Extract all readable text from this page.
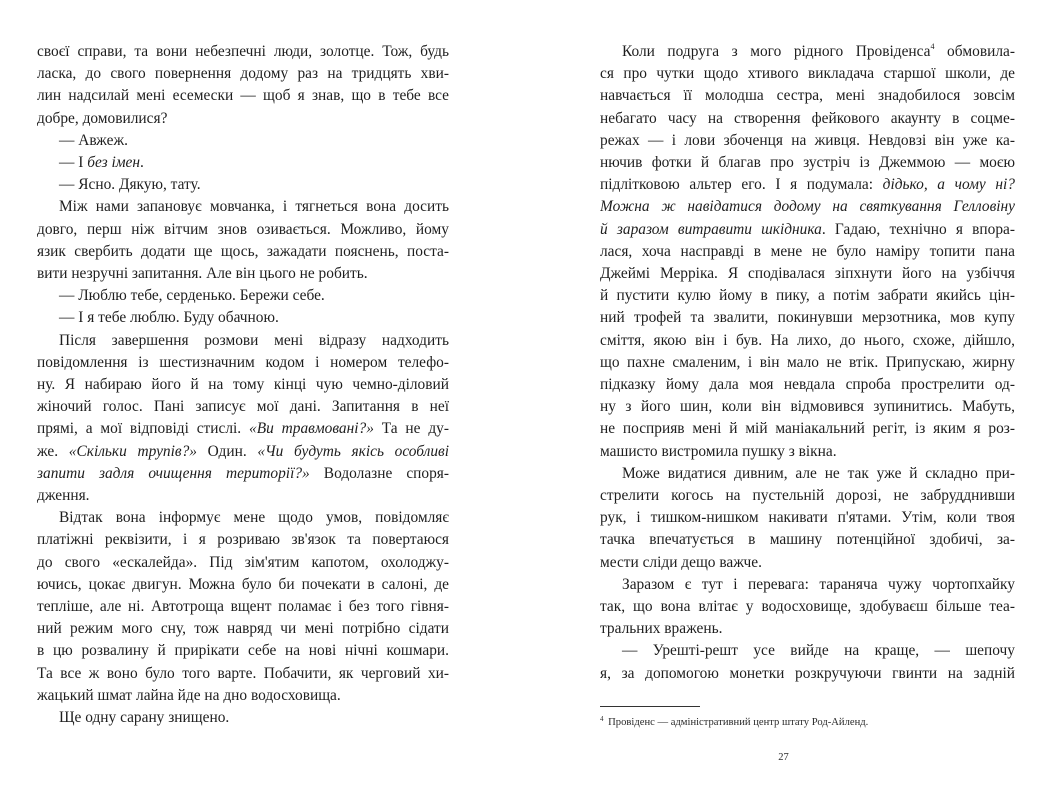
своєї справи, та вони небезпечні люди, золотце. Тож, будь
ласка, до свого повернення додому раз на тридцять хви-
лин надсилай мені есемески — щоб я знав, що в тебе все
добре, домовилися?
— Авжеж.
— І без імен.
— Ясно. Дякую, тату.
Між нами запановує мовчанка, і тягнеться вона досить
довго, перш ніж вітчим знов озивається. Можливо, йому
язик свербить додати ще щось, зажадати пояснень, поста-
вити незручні запитання. Але він цього не робить.
— Люблю тебе, серденько. Бережи себе.
— І я тебе люблю. Буду обачною.
Після завершення розмови мені відразу надходить
повідомлення із шестизначним кодом і номером телефо-
ну. Я набираю його й на тому кінці чую чемно-діловий
жіночий голос. Пані записує мої дані. Запитання в неї
прямі, а мої відповіді стислі. «Ви травмовані?» Та не ду-
же. «Скільки трупів?» Один. «Чи будуть якісь особливі
запити задля очищення території?» Водолазне споря-
дження.
Відтак вона інформує мене щодо умов, повідомляє
платіжні реквізити, і я розриваю зв'язок та повертаюся
до свого «ескалейда». Під зім'ятим капотом, охолоджу-
ючись, цокає двигун. Можна було би почекати в салоні, де
тепліше, але ні. Автотроща вщент поламає і без того гівня-
ний режим мого сну, тож навряд чи мені потрібно сідати
в цю розвалину й прирікати себе на нові нічні кошмари.
Та все ж воно було того варте. Побачити, як черговий хи-
жацький шмат лайна йде на дно водосховища.
Ще одну сарану знищено.
Коли подруга з мого рідного Провіденса$^4$ обмовила-
ся про чутки щодо хтивого викладача старшої школи, де
навчається її молодша сестра, мені знадобилося зовсім
небагато часу на створення фейкового акаунту в соцме-
режах — і лови збоченця на живця. Невдовзі він уже ка-
нючив фотки й благав про зустріч із Джеммою — моєю
підлітковою альтер его. І я подумала: дідько, а чому ні?
Можна ж навідатися додому на святкування Гелловіну
й заразом витравити шкідника. Гадаю, технічно я впора-
лася, хоча насправді в мене не було наміру топити пана
Джеймі Мерріка. Я сподівалася зіпхнути його на узбіччя
й пустити кулю йому в пику, а потім забрати якийсь цін-
ний трофей та звалити, покинувши мерзотника, мов купу
сміття, якою він і був. На лихо, до нього, схоже, дійшло,
що пахне смаленим, і він мало не втік. Припускаю, жирну
підказку йому дала моя невдала спроба прострелити од-
ну з його шин, коли він відмовився зупинитись. Мабуть,
не посприяв мені й мій маніакальний регіт, із яким я роз-
машисто вистромила пушку з вікна.
Може видатися дивним, але не так уже й складно при-
стрелити когось на пустельній дорозі, не забрудднивши
рук, і тишком-нишком накивати п'ятами. Утім, коли твоя
тачка впечатується в машину потенційної здобичі, за-
мести сліди дещо важче.
Заразом є тут і перевага: тараняча чужу чортопхайку
так, що вона влітає у водосховище, здобуваєш більше теа-
тральних вражень.
— Урешті-решт усе вийде на краще, — шепочу
я, за допомогою монетки розкручуючи гвинти на задній
$^4$ Провіденс — адміністративний центр штату Род-Айленд.
27
